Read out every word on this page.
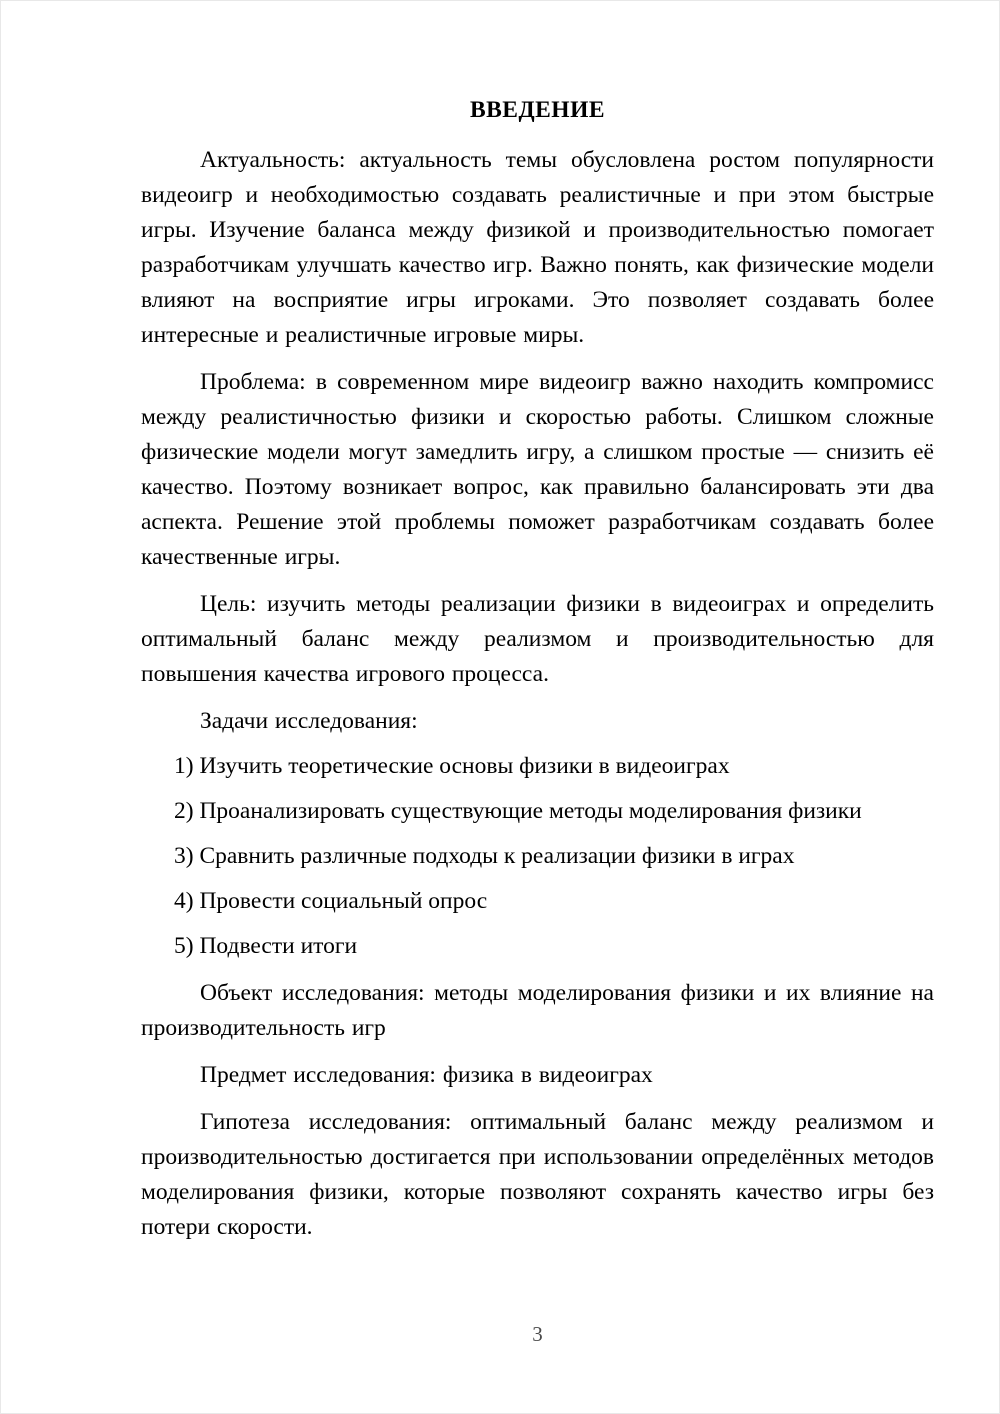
ВВЕДЕНИЕ

Актуальность: актуальность темы обусловлена ростом популярности видеоигр и необходимостью создавать реалистичные и при этом быстрые игры. Изучение баланса между физикой и производительностью помогает разработчикам улучшать качество игр. Важно понять, как физические модели влияют на восприятие игры игроками. Это позволяет создавать более интересные и реалистичные игровые миры.

Проблема: в современном мире видеоигр важно находить компромисс между реалистичностью физики и скоростью работы. Слишком сложные физические модели могут замедлить игру, а слишком простые — снизить её качество. Поэтому возникает вопрос, как правильно балансировать эти два аспекта. Решение этой проблемы поможет разработчикам создавать более качественные игры.

Цель: изучить методы реализации физики в видеоиграх и определить оптимальный баланс между реализмом и производительностью для повышения качества игрового процесса.

Задачи исследования:

1) Изучить теоретические основы физики в видеоиграх
2) Проанализировать существующие методы моделирования физики
3) Сравнить различные подходы к реализации физики в играх
4) Провести социальный опрос
5) Подвести итоги

Объект исследования: методы моделирования физики и их влияние на производительность игр

Предмет исследования: физика в видеоиграх

Гипотеза исследования: оптимальный баланс между реализмом и производительностью достигается при использовании определённых методов моделирования физики, которые позволяют сохранять качество игры без потери скорости.

3
